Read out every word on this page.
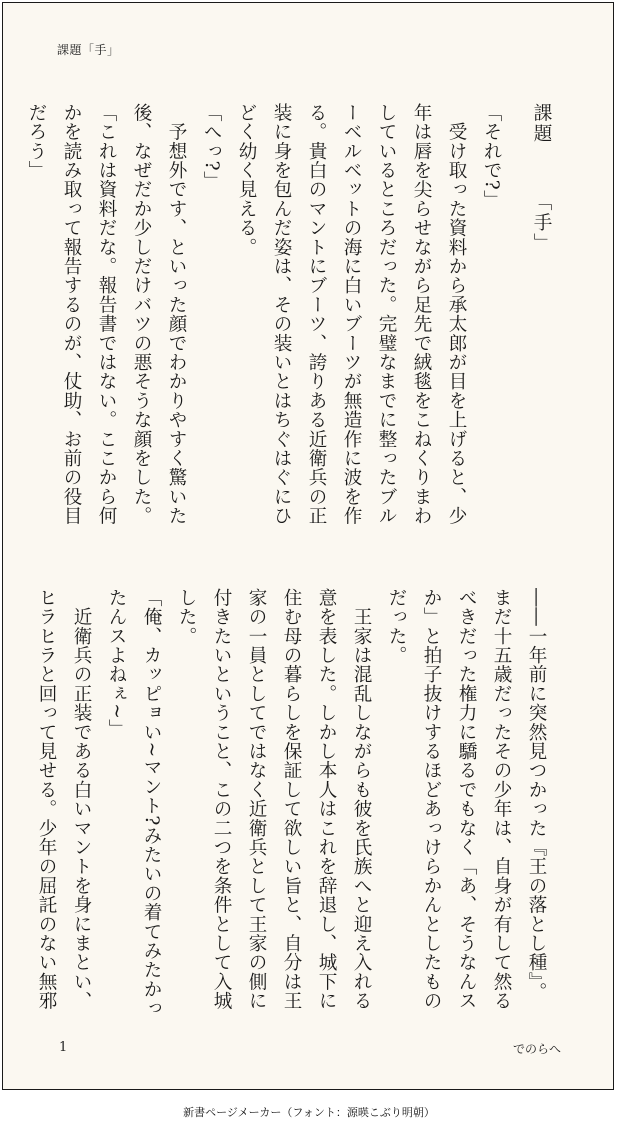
課題「手」
課題「手」

「それで?」

　受け取った資料から承太郎が目を上げると、少年は唇を尖らせながら足先で絨毯をこねくりまわしているところだった。完璧なまでに整ったブルーベルベットの海に白いブーツが無造作に波を作る。貴白のマントにブーツ、誇りある近衛兵の正装に身を包んだ姿は、その装いとはちぐはぐにひどく幼く見える。

「へっ?」

　予想外です、といった顔でわかりやすく驚いた後、なぜだか少しだけバツの悪そうな顔をした。

「これは資料だな。報告書ではない。ここから何かを読み取って報告するのが、仗助、お前の役目だろう」

――一年前に突然見つかった『王の落とし種』。まだ十五歳だったその少年は、自身が有して然るべきだった権力に驕るでもなく「あ、そうなんスか」と拍子抜けするほどあっけらかんとしたものだった。

　王家は混乱しながらも彼を氏族へと迎え入れる意を表した。しかし本人はこれを辞退し、城下に住む母の暮らしを保証して欲しい旨と、自分は王家の一員としてではなく近衛兵として王家の側に付きたいということ、この二つを条件として入城した。

「俺、カッピョい~マント?みたいの着てみたかったんスよねぇ~」

　近衛兵の正装である白いマントを身にまとい、ヒラヒラと回って見せる。少年の屈託のない無邪

1	でのらへ
新書ページメーカー（フォント：源暎こぶり明朝）
